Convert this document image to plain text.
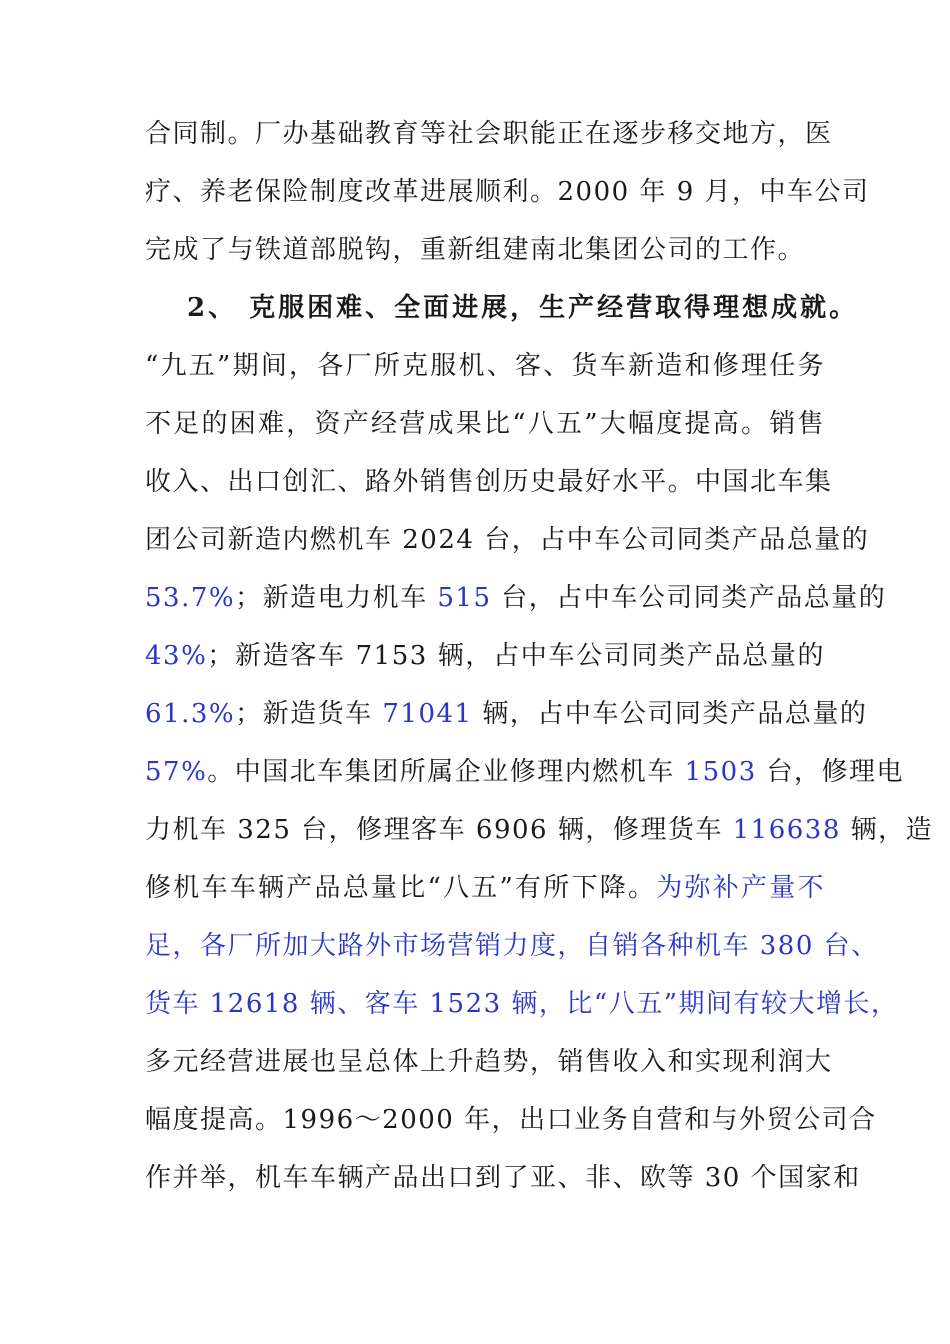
合同制。厂办基础教育等社会职能正在逐步移交地方，医
疗、养老保险制度改革进展顺利。2000 年 9 月，中车公司
完成了与铁道部脱钩，重新组建南北集团公司的工作。
2、 克服困难、全面进展，生产经营取得理想成就。
“九五”期间，各厂所克服机、客、货车新造和修理任务
不足的困难，资产经营成果比“八五”大幅度提高。销售
收入、出口创汇、路外销售创历史最好水平。中国北车集
团公司新造内燃机车 2024 台，占中车公司同类产品总量的
53.7%；新造电力机车 515 台，占中车公司同类产品总量的
43%；新造客车 7153 辆，占中车公司同类产品总量的
61.3%；新造货车 71041 辆，占中车公司同类产品总量的
57%。中国北车集团所属企业修理内燃机车 1503 台，修理电
力机车 325 台，修理客车 6906 辆，修理货车 116638 辆，造
修机车车辆产品总量比“八五”有所下降。为弥补产量不
足，各厂所加大路外市场营销力度，自销各种机车 380 台、
货车 12618 辆、客车 1523 辆，比“八五”期间有较大增长，
多元经营进展也呈总体上升趋势，销售收入和实现利润大
幅度提高。1996～2000 年，出口业务自营和与外贸公司合
作并举，机车车辆产品出口到了亚、非、欧等 30 个国家和
